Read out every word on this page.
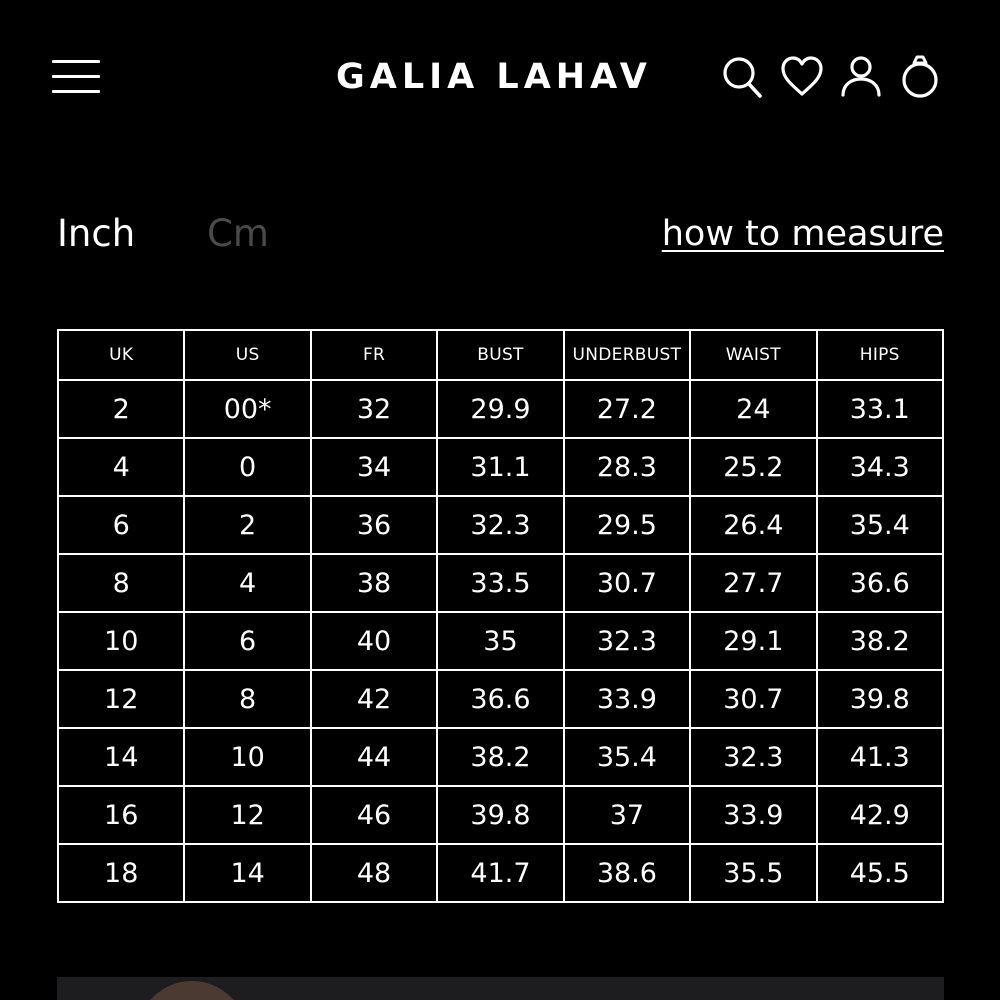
GALIA LAHAV
Inch Cm	how to measure
UK	US	FR	BUST	UNDERBUST	WAIST	HIPS
2	00*	32	29.9	27.2	24	33.1
4	0	34	31.1	28.3	25.2	34.3
6	2	36	32.3	29.5	26.4	35.4
8	4	38	33.5	30.7	27.7	36.6
10	6	40	35	32.3	29.1	38.2
12	8	42	36.6	33.9	30.7	39.8
14	10	44	38.2	35.4	32.3	41.3
16	12	46	39.8	37	33.9	42.9
18	14	48	41.7	38.6	35.5	45.5
